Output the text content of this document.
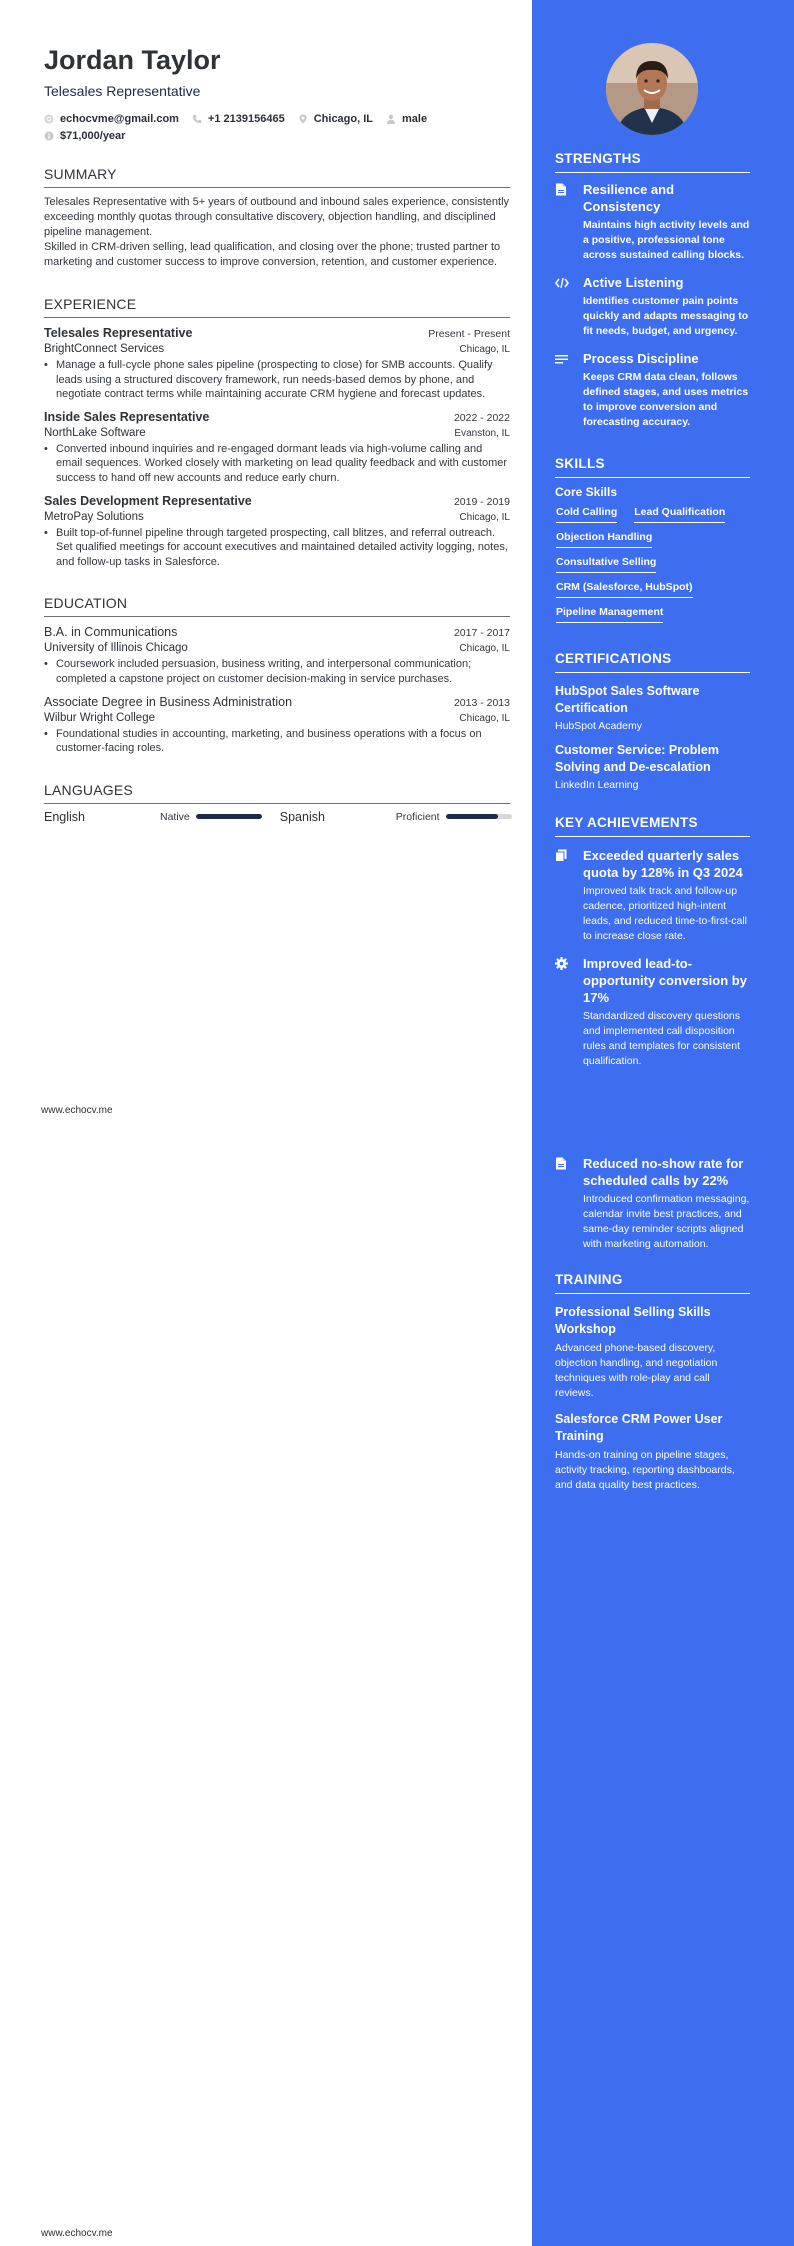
Jordan Taylor
Telesales Representative
echocvme@gmail.com	+1 2139156465	Chicago, IL	male
$71,000/year
SUMMARY
Telesales Representative with 5+ years of outbound and inbound sales experience, consistently exceeding monthly quotas through consultative discovery, objection handling, and disciplined pipeline management.
Skilled in CRM-driven selling, lead qualification, and closing over the phone; trusted partner to marketing and customer success to improve conversion, retention, and customer experience.
EXPERIENCE
Telesales Representative	Present - Present
BrightConnect Services	Chicago, IL
• Manage a full-cycle phone sales pipeline (prospecting to close) for SMB accounts. Qualify leads using a structured discovery framework, run needs-based demos by phone, and negotiate contract terms while maintaining accurate CRM hygiene and forecast updates.
Inside Sales Representative	2022 - 2022
NorthLake Software	Evanston, IL
• Converted inbound inquiries and re-engaged dormant leads via high-volume calling and email sequences. Worked closely with marketing on lead quality feedback and with customer success to hand off new accounts and reduce early churn.
Sales Development Representative	2019 - 2019
MetroPay Solutions	Chicago, IL
• Built top-of-funnel pipeline through targeted prospecting, call blitzes, and referral outreach. Set qualified meetings for account executives and maintained detailed activity logging, notes, and follow-up tasks in Salesforce.
EDUCATION
B.A. in Communications	2017 - 2017
University of Illinois Chicago	Chicago, IL
• Coursework included persuasion, business writing, and interpersonal communication; completed a capstone project on customer decision-making in service purchases.
Associate Degree in Business Administration	2013 - 2013
Wilbur Wright College	Chicago, IL
• Foundational studies in accounting, marketing, and business operations with a focus on customer-facing roles.
LANGUAGES
English	Native	Spanish	Proficient
www.echocv.me
www.echocv.me
STRENGTHS
Resilience and Consistency
Maintains high activity levels and a positive, professional tone across sustained calling blocks.
Active Listening
Identifies customer pain points quickly and adapts messaging to fit needs, budget, and urgency.
Process Discipline
Keeps CRM data clean, follows defined stages, and uses metrics to improve conversion and forecasting accuracy.
SKILLS
Core Skills
Cold Calling Lead Qualification
Objection Handling
Consultative Selling
CRM (Salesforce, HubSpot)
Pipeline Management
CERTIFICATIONS
HubSpot Sales Software Certification
HubSpot Academy
Customer Service: Problem Solving and De-escalation
LinkedIn Learning
KEY ACHIEVEMENTS
Exceeded quarterly sales quota by 128% in Q3 2024
Improved talk track and follow-up cadence, prioritized high-intent leads, and reduced time-to-first-call to increase close rate.
Improved lead-to-opportunity conversion by 17%
Standardized discovery questions and implemented call disposition rules and templates for consistent qualification.
Reduced no-show rate for scheduled calls by 22%
Introduced confirmation messaging, calendar invite best practices, and same-day reminder scripts aligned with marketing automation.
TRAINING
Professional Selling Skills Workshop
Advanced phone-based discovery, objection handling, and negotiation techniques with role-play and call reviews.
Salesforce CRM Power User Training
Hands-on training on pipeline stages, activity tracking, reporting dashboards, and data quality best practices.
